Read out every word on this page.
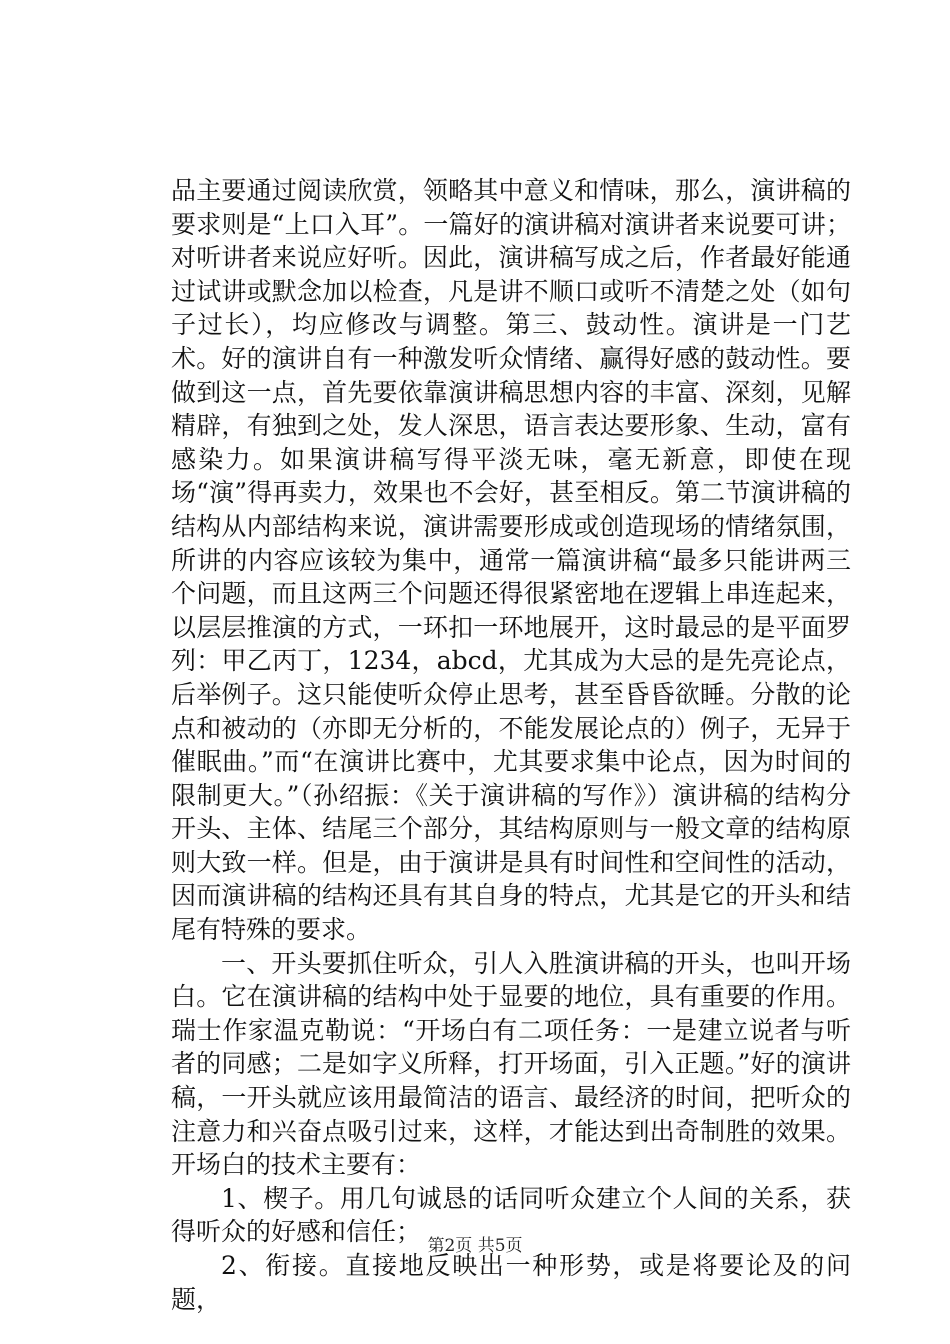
品主要通过阅读欣赏，领略其中意义和情味，那么，演讲稿的要求则是“上口入耳”。一篇好的演讲稿对演讲者来说要可讲；对听讲者来说应好听。因此，演讲稿写成之后，作者最好能通过试讲或默念加以检查，凡是讲不顺口或听不清楚之处（如句子过长），均应修改与调整。第三、鼓动性。演讲是一门艺术。好的演讲自有一种激发听众情绪、赢得好感的鼓动性。要做到这一点，首先要依靠演讲稿思想内容的丰富、深刻，见解精辟，有独到之处，发人深思，语言表达要形象、生动，富有感染力。如果演讲稿写得平淡无味，毫无新意，即使在现场“演”得再卖力，效果也不会好，甚至相反。第二节演讲稿的结构从内部结构来说，演讲需要形成或创造现场的情绪氛围，所讲的内容应该较为集中，通常一篇演讲稿“最多只能讲两三个问题，而且这两三个问题还得很紧密地在逻辑上串连起来，以层层推演的方式，一环扣一环地展开，这时最忌的是平面罗列：甲乙丙丁，1234，abcd，尤其成为大忌的是先亮论点，后举例子。这只能使听众停止思考，甚至昏昏欲睡。分散的论点和被动的（亦即无分析的，不能发展论点的）例子，无异于催眠曲。”而“在演讲比赛中，尤其要求集中论点，因为时间的限制更大。”（孙绍振：《关于演讲稿的写作》）演讲稿的结构分开头、主体、结尾三个部分，其结构原则与一般文章的结构原则大致一样。但是，由于演讲是具有时间性和空间性的活动，因而演讲稿的结构还具有其自身的特点，尤其是它的开头和结尾有特殊的要求。

一、开头要抓住听众，引人入胜演讲稿的开头，也叫开场白。它在演讲稿的结构中处于显要的地位，具有重要的作用。瑞士作家温克勒说：“开场白有二项任务：一是建立说者与听者的同感；二是如字义所释，打开场面，引入正题。”好的演讲稿，一开头就应该用最简洁的语言、最经济的时间，把听众的注意力和兴奋点吸引过来，这样，才能达到出奇制胜的效果。开场白的技术主要有：

1、楔子。用几句诚恳的话同听众建立个人间的关系，获得听众的好感和信任；

2、衔接。直接地反映出一种形势，或是将要论及的问题，

第2页 共5页
